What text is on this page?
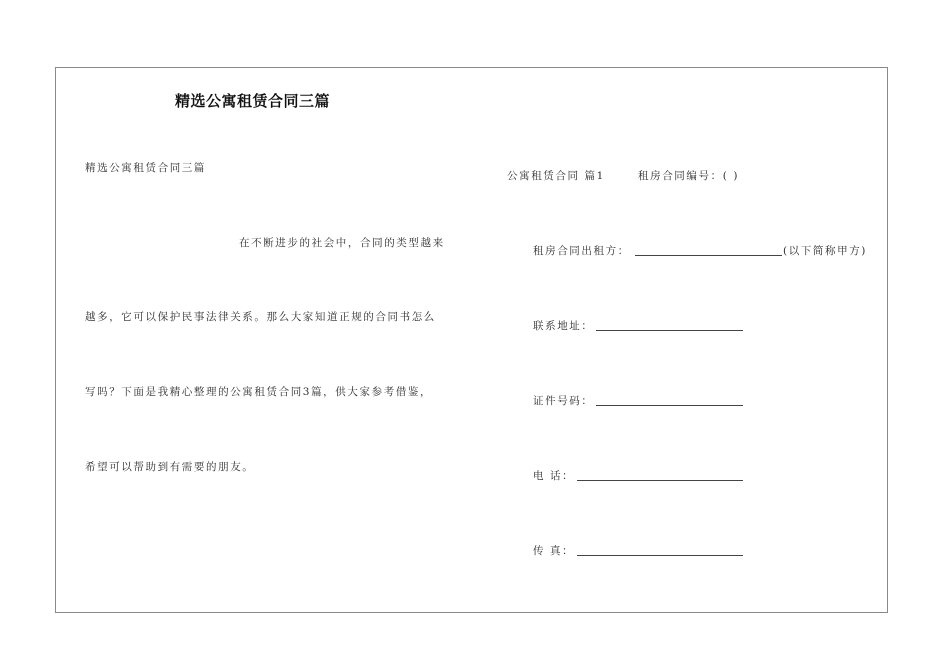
精选公寓租赁合同三篇
精选公寓租赁合同三篇
在不断进步的社会中，合同的类型越来
越多，它可以保护民事法律关系。那么大家知道正规的合同书怎么
写吗？下面是我精心整理的公寓租赁合同3篇，供大家参考借鉴，
希望可以帮助到有需要的朋友。
公寓租赁合同 篇1	租房合同编号：( )
租房合同出租方：	(以下简称甲方)
联系地址：
证件号码：
电 话：
传 真：
